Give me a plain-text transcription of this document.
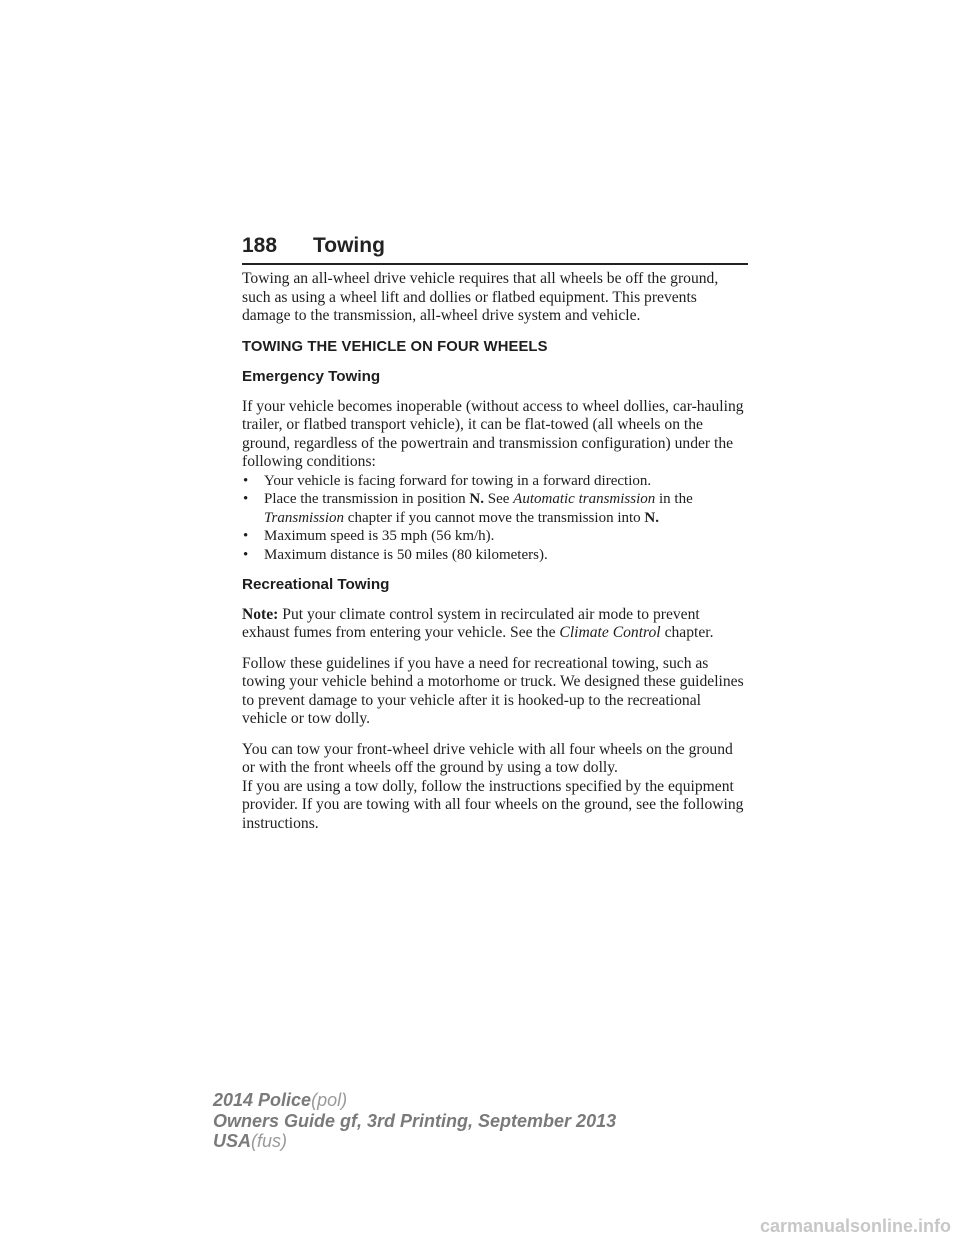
188 Towing

Towing an all-wheel drive vehicle requires that all wheels be off the ground, such as using a wheel lift and dollies or flatbed equipment. This prevents damage to the transmission, all-wheel drive system and vehicle.

TOWING THE VEHICLE ON FOUR WHEELS
Emergency Towing

If your vehicle becomes inoperable (without access to wheel dollies, car-hauling trailer, or flatbed transport vehicle), it can be flat-towed (all wheels on the ground, regardless of the powertrain and transmission configuration) under the following conditions:

• Your vehicle is facing forward for towing in a forward direction.
• Place the transmission in position N. See Automatic transmission in the Transmission chapter if you cannot move the transmission into N.
• Maximum speed is 35 mph (56 km/h).
• Maximum distance is 50 miles (80 kilometers).
Recreational Towing

Note: Put your climate control system in recirculated air mode to prevent exhaust fumes from entering your vehicle. See the Climate Control chapter.

Follow these guidelines if you have a need for recreational towing, such as towing your vehicle behind a motorhome or truck. We designed these guidelines to prevent damage to your vehicle after it is hooked-up to the recreational vehicle or tow dolly.

You can tow your front-wheel drive vehicle with all four wheels on the ground or with the front wheels off the ground by using a tow dolly.
If you are using a tow dolly, follow the instructions specified by the equipment provider. If you are towing with all four wheels on the ground, see the following instructions.

2014 Police(pol)
Owners Guide gf, 3rd Printing, September 2013
USA(fus)
carmanualsonline.info
